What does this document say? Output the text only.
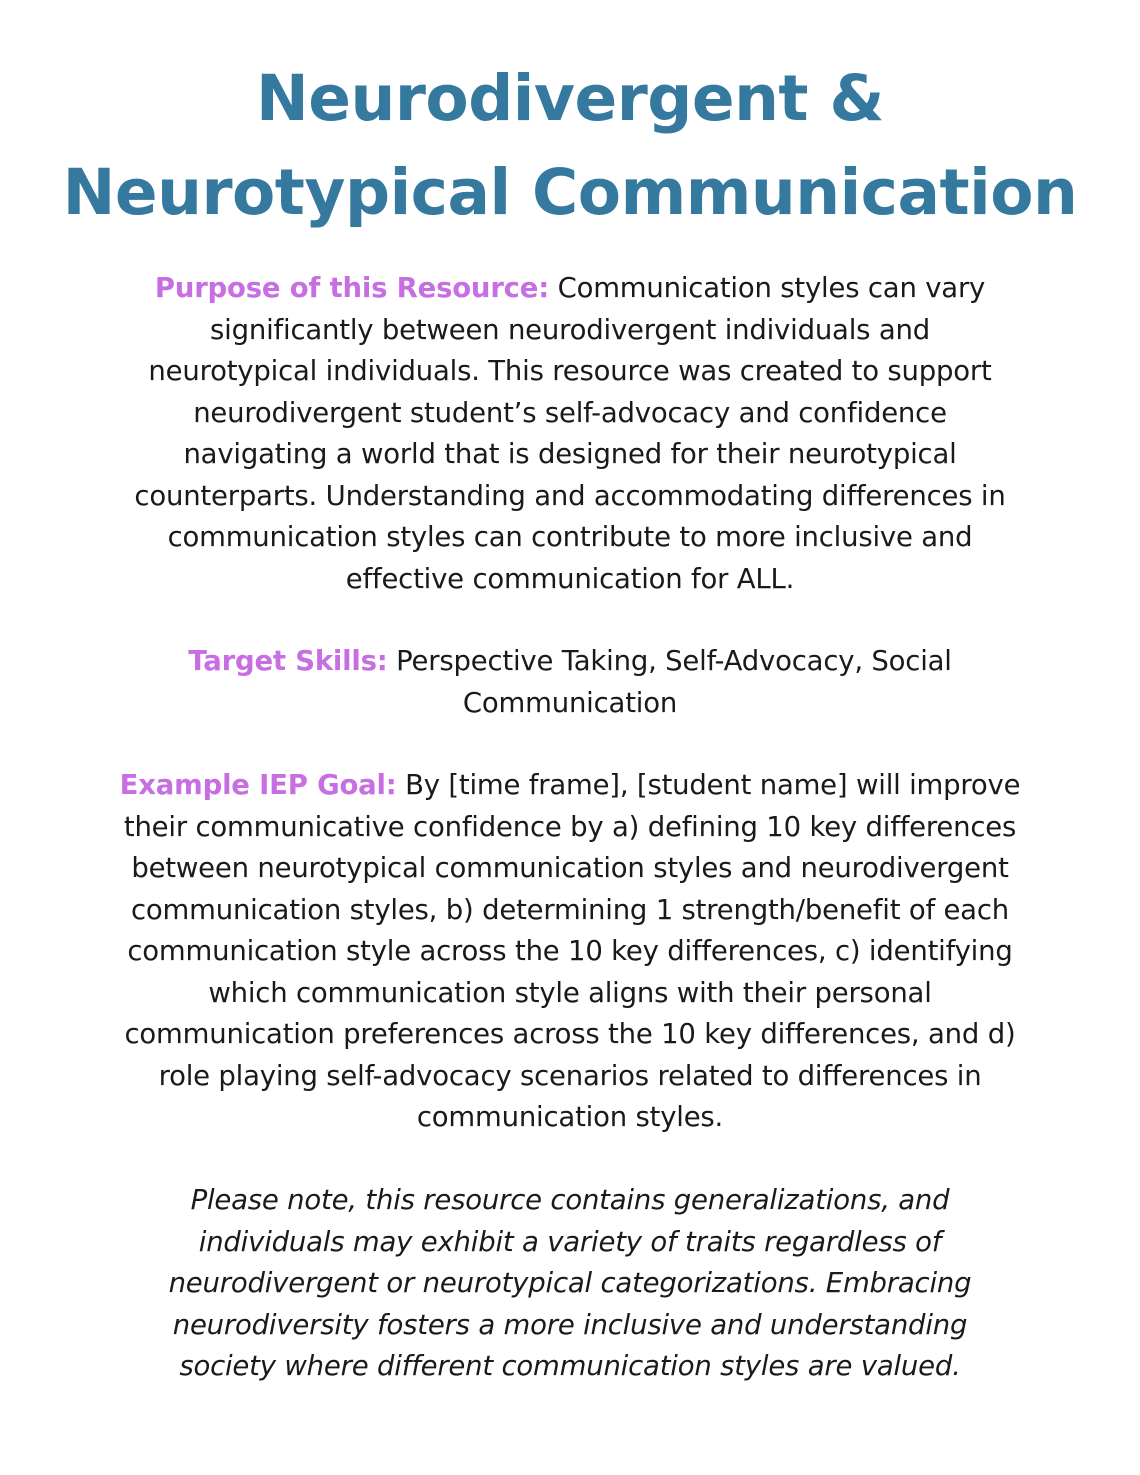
Neurodivergent &
Neurotypical Communication

Purpose of this Resource: Communication styles can vary
significantly between neurodivergent individuals and
neurotypical individuals. This resource was created to support
neurodivergent student’s self-advocacy and confidence
navigating a world that is designed for their neurotypical
counterparts. Understanding and accommodating differences in
communication styles can contribute to more inclusive and
effective communication for ALL.

Target Skills: Perspective Taking, Self-Advocacy, Social
Communication

Example IEP Goal: By [time frame], [student name] will improve
their communicative confidence by a) defining 10 key differences
between neurotypical communication styles and neurodivergent
communication styles, b) determining 1 strength/benefit of each
communication style across the 10 key differences, c) identifying
which communication style aligns with their personal
communication preferences across the 10 key differences, and d)
role playing self-advocacy scenarios related to differences in
communication styles.

Please note, this resource contains generalizations, and
individuals may exhibit a variety of traits regardless of
neurodivergent or neurotypical categorizations. Embracing
neurodiversity fosters a more inclusive and understanding
society where different communication styles are valued.
